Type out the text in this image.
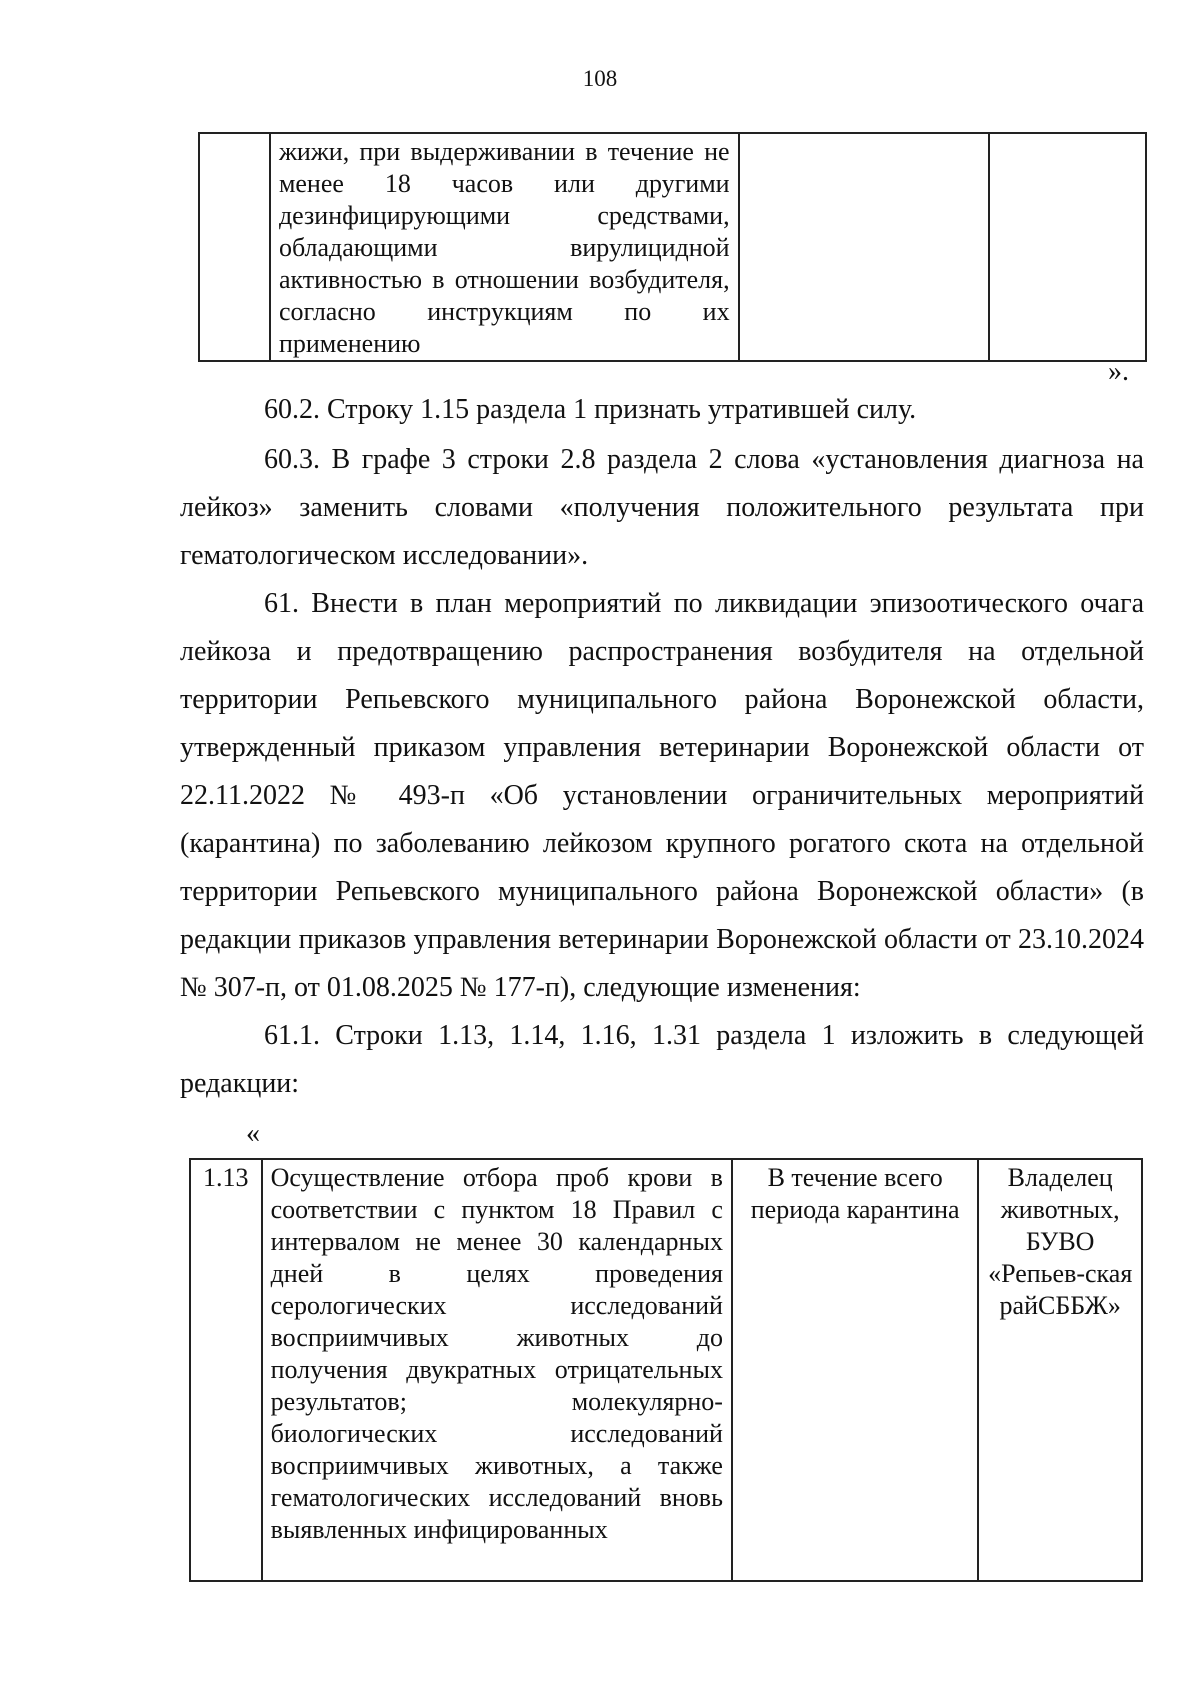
108
	жижи, при выдерживании в течение не менее 18 часов или другими дезинфицирующими средствами, обладающими вирулицидной активностью в отношении возбудителя, согласно инструкциям по их применению		
».

60.2. Строку 1.15 раздела 1 признать утратившей силу.

60.3. В графе 3 строки 2.8 раздела 2 слова «установления диагноза на лейкоз» заменить словами «получения положительного результата при гематологическом исследовании».

61. Внести в план мероприятий по ликвидации эпизоотического очага лейкоза и предотвращению распространения возбудителя на отдельной территории Репьевского муниципального района Воронежской области, утвержденный приказом управления ветеринарии Воронежской области от 22.11.2022 № 493-п «Об установлении ограничительных мероприятий (карантина) по заболеванию лейкозом крупного рогатого скота на отдельной территории Репьевского муниципального района Воронежской области» (в редакции приказов управления ветеринарии Воронежской области от 23.10.2024 № 307-п, от 01.08.2025 № 177-п), следующие изменения:

61.1. Строки 1.13, 1.14, 1.16, 1.31 раздела 1 изложить в следующей редакции:

«
1.13	Осуществление отбора проб крови в соответствии с пунктом 18 Правил с интервалом не менее 30 календарных дней в целях проведения серологических исследований восприимчивых животных до получения двукратных отрицательных результатов; молекулярно-биологических исследований восприимчивых животных, а также гематологических исследований вновь выявленных инфицированных	В течение всего периода карантина	Владелец животных, БУВО «Репьев-ская райСББЖ»
